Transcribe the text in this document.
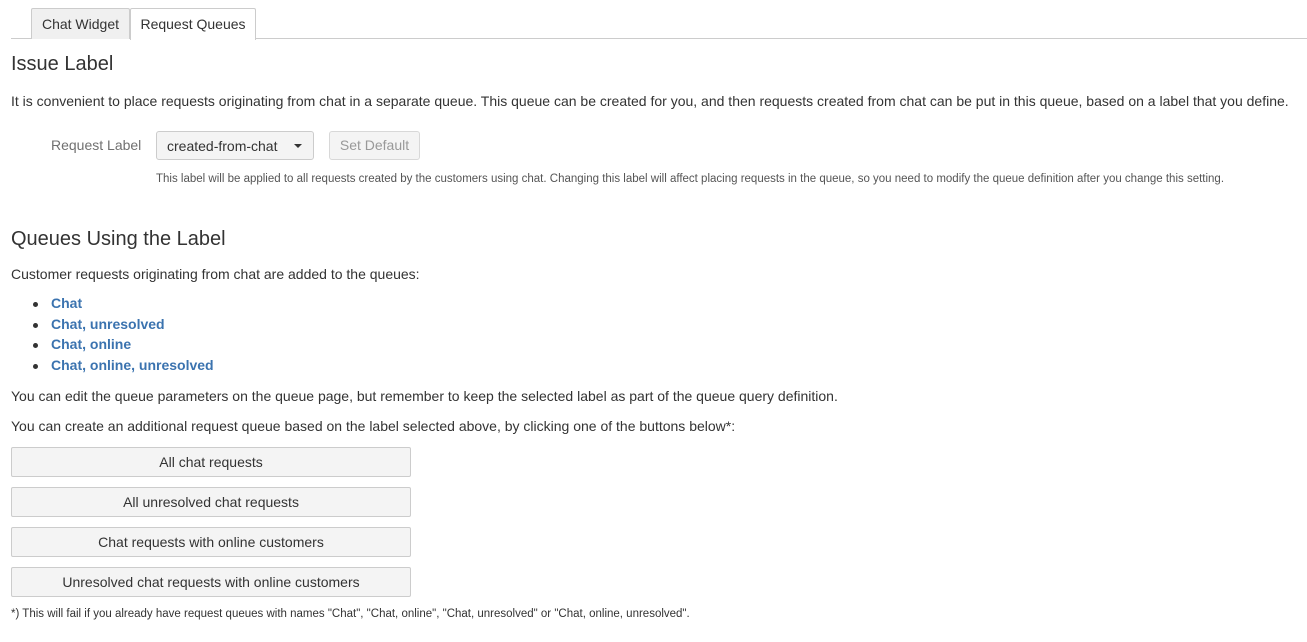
Chat Widget	Request Queues
Issue Label

It is convenient to place requests originating from chat in a separate queue. This queue can be created for you, and then requests created from chat can be put in this queue, based on a label that you define.

Request Label created-from-chat	Set Default
This label will be applied to all requests created by the customers using chat. Changing this label will affect placing requests in the queue, so you need to modify the queue definition after you change this setting.
Queues Using the Label

Customer requests originating from chat are added to the queues:

Chat
Chat, unresolved
Chat, online
Chat, online, unresolved

You can edit the queue parameters on the queue page, but remember to keep the selected label as part of the queue query definition.

You can create an additional request queue based on the label selected above, by clicking one of the buttons below*:

All chat requests
All unresolved chat requests
Chat requests with online customers
Unresolved chat requests with online customers
*) This will fail if you already have request queues with names "Chat", "Chat, online", "Chat, unresolved" or "Chat, online, unresolved".
